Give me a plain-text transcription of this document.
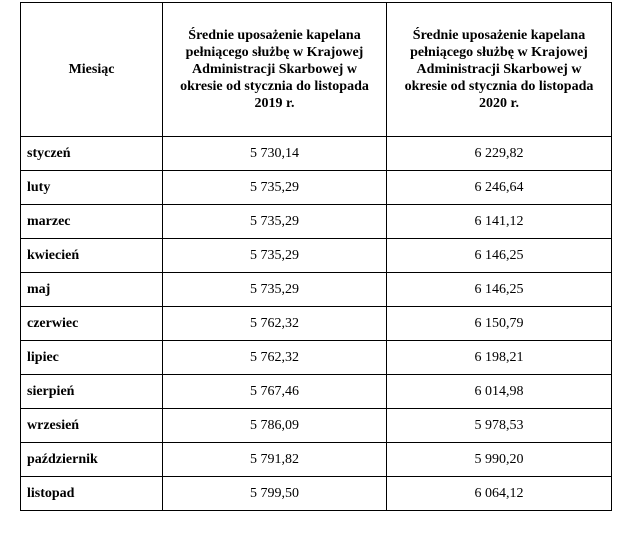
Miesiąc	Średnie uposażenie kapelana pełniącego służbę w Krajowej Administracji Skarbowej w okresie od stycznia do listopada 2019 r.	Średnie uposażenie kapelana pełniącego służbę w Krajowej Administracji Skarbowej w okresie od stycznia do listopada 2020 r.

styczeń	5 730,14	6 229,82
luty	5 735,29	6 246,64
marzec	5 735,29	6 141,12
kwiecień	5 735,29	6 146,25
maj	5 735,29	6 146,25
czerwiec	5 762,32	6 150,79
lipiec	5 762,32	6 198,21
sierpień	5 767,46	6 014,98
wrzesień	5 786,09	5 978,53
październik	5 791,82	5 990,20
listopad	5 799,50	6 064,12
